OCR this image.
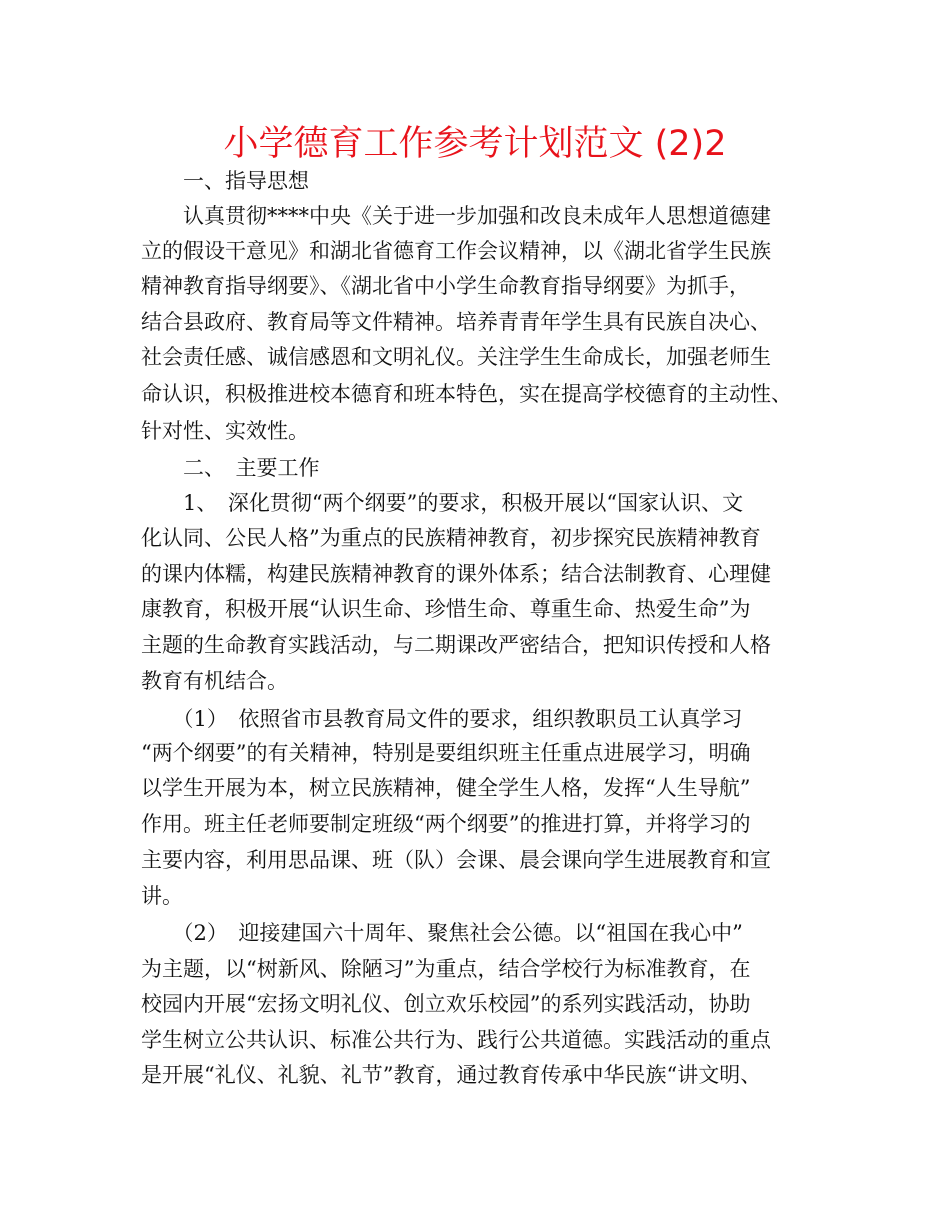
小学德育工作参考计划范文 (2)2
　　一、指导思想
　　认真贯彻****中央《关于进一步加强和改良未成年人思想道德建
立的假设干意见》和湖北省德育工作会议精神，以《湖北省学生民族
精神教育指导纲要》、《湖北省中小学生命教育指导纲要》为抓手，
结合县政府、教育局等文件精神。培养青青年学生具有民族自决心、
社会责任感、诚信感恩和文明礼仪。关注学生生命成长，加强老师生
命认识，积极推进校本德育和班本特色，实在提高学校德育的主动性、
针对性、实效性。
　　二、　主要工作
　　1、　深化贯彻“两个纲要”的要求，积极开展以“国家认识、文
化认同、公民人格”为重点的民族精神教育，初步探究民族精神教育
的课内体糯，构建民族精神教育的课外体系；结合法制教育、心理健
康教育，积极开展“认识生命、珍惜生命、尊重生命、热爱生命”为
主题的生命教育实践活动，与二期课改严密结合，把知识传授和人格
教育有机结合。
　　（1）　依照省市县教育局文件的要求，组织教职员工认真学习
“两个纲要”的有关精神，特别是要组织班主任重点进展学习，明确
以学生开展为本，树立民族精神，健全学生人格，发挥“人生导航”
作用。班主任老师要制定班级“两个纲要”的推进打算，并将学习的
主要内容，利用思品课、班（队）会课、晨会课向学生进展教育和宣
讲。
　　（2）　迎接建国六十周年、聚焦社会公德。以“祖国在我心中”
为主题，以“树新风、除陋习”为重点，结合学校行为标准教育，在
校园内开展“宏扬文明礼仪、创立欢乐校园”的系列实践活动，协助
学生树立公共认识、标准公共行为、践行公共道德。实践活动的重点
是开展“礼仪、礼貌、礼节”教育，通过教育传承中华民族“讲文明、
